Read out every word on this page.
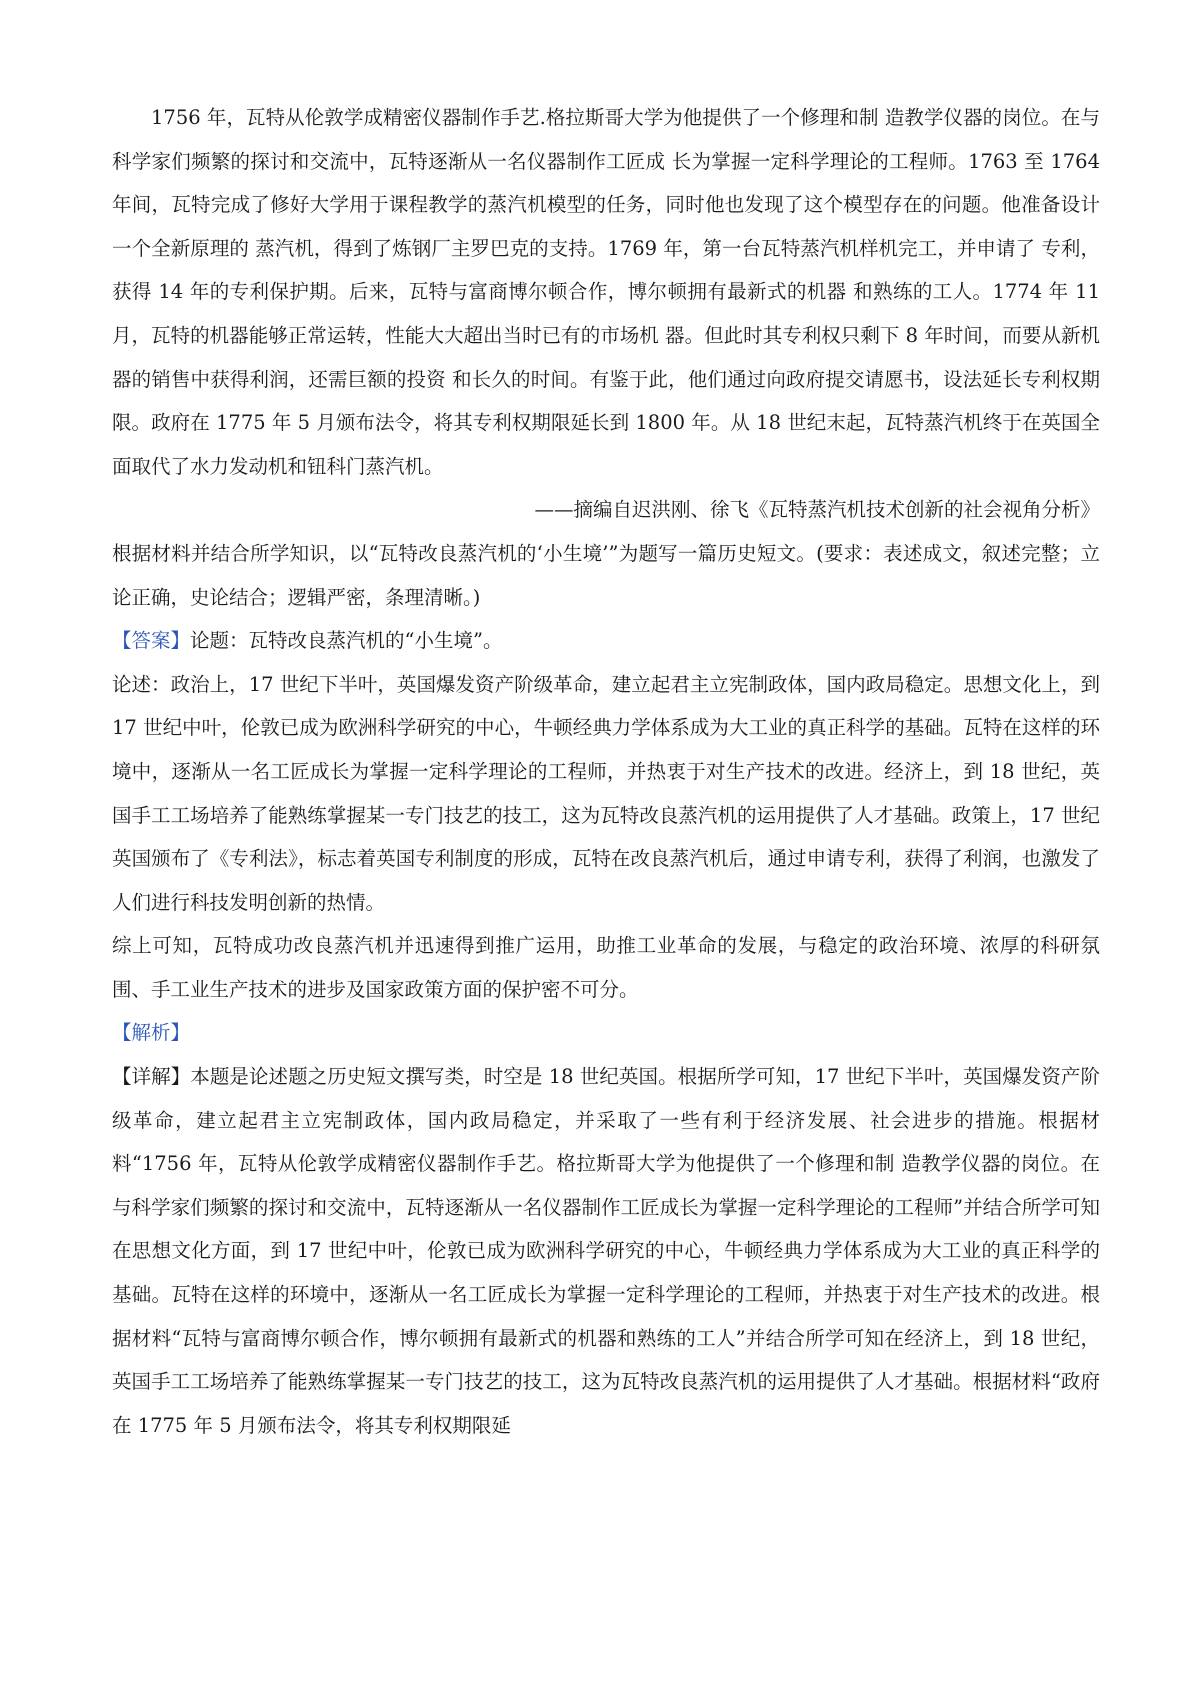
1756 年，瓦特从伦敦学成精密仪器制作手艺.格拉斯哥大学为他提供了一个修理和制 造教学仪器的岗位。在与科学家们频繁的探讨和交流中，瓦特逐渐从一名仪器制作工匠成 长为掌握一定科学理论的工程师。1763 至 1764 年间，瓦特完成了修好大学用于课程教学的蒸汽机模型的任务，同时他也发现了这个模型存在的问题。他准备设计一个全新原理的 蒸汽机，得到了炼钢厂主罗巴克的支持。1769 年，第一台瓦特蒸汽机样机完工，并申请了 专利，获得 14 年的专利保护期。后来，瓦特与富商博尔顿合作，博尔顿拥有最新式的机器 和熟练的工人。1774 年 11 月，瓦特的机器能够正常运转，性能大大超出当时已有的市场机 器。但此时其专利权只剩下 8 年时间，而要从新机器的销售中获得利润，还需巨额的投资 和长久的时间。有鉴于此，他们通过向政府提交请愿书，设法延长专利权期限。政府在 1775 年 5 月颁布法令，将其专利权期限延长到 1800 年。从 18 世纪末起，瓦特蒸汽机终于在英国全面取代了水力发动机和钮科门蒸汽机。

——摘编自迟洪刚、徐飞《瓦特蒸汽机技术创新的社会视角分析》

根据材料并结合所学知识，以“瓦特改良蒸汽机的‘小生境’”为题写一篇历史短文。(要求：表述成文，叙述完整；立论正确，史论结合；逻辑严密，条理清晰。)

【答案】论题：瓦特改良蒸汽机的“小生境”。

论述：政治上，17 世纪下半叶，英国爆发资产阶级革命，建立起君主立宪制政体，国内政局稳定。思想文化上，到 17 世纪中叶，伦敦已成为欧洲科学研究的中心，牛顿经典力学体系成为大工业的真正科学的基础。瓦特在这样的环境中，逐渐从一名工匠成长为掌握一定科学理论的工程师，并热衷于对生产技术的改进。经济上，到 18 世纪，英国手工工场培养了能熟练掌握某一专门技艺的技工，这为瓦特改良蒸汽机的运用提供了人才基础。政策上，17 世纪英国颁布了《专利法》，标志着英国专利制度的形成，瓦特在改良蒸汽机后，通过申请专利，获得了利润，也激发了人们进行科技发明创新的热情。

综上可知，瓦特成功改良蒸汽机并迅速得到推广运用，助推工业革命的发展，与稳定的政治环境、浓厚的科研氛围、手工业生产技术的进步及国家政策方面的保护密不可分。

【解析】

【详解】本题是论述题之历史短文撰写类，时空是 18 世纪英国。根据所学可知，17 世纪下半叶，英国爆发资产阶级革命，建立起君主立宪制政体，国内政局稳定，并采取了一些有利于经济发展、社会进步的措施。根据材料“1756 年，瓦特从伦敦学成精密仪器制作手艺。格拉斯哥大学为他提供了一个修理和制 造教学仪器的岗位。在与科学家们频繁的探讨和交流中，瓦特逐渐从一名仪器制作工匠成长为掌握一定科学理论的工程师”并结合所学可知在思想文化方面，到 17 世纪中叶，伦敦已成为欧洲科学研究的中心，牛顿经典力学体系成为大工业的真正科学的基础。瓦特在这样的环境中，逐渐从一名工匠成长为掌握一定科学理论的工程师，并热衷于对生产技术的改进。根据材料“瓦特与富商博尔顿合作，博尔顿拥有最新式的机器和熟练的工人”并结合所学可知在经济上，到 18 世纪，英国手工工场培养了能熟练掌握某一专门技艺的技工，这为瓦特改良蒸汽机的运用提供了人才基础。根据材料“政府在 1775 年 5 月颁布法令，将其专利权期限延
